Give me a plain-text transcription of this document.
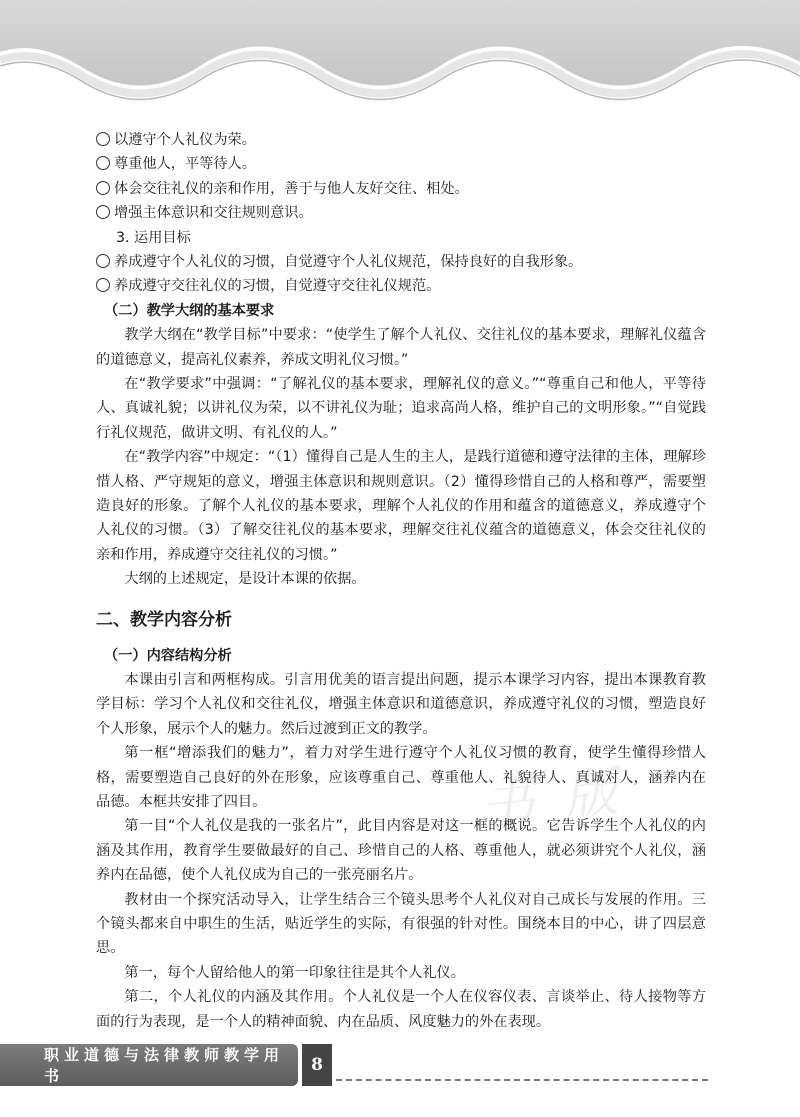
书 版
以遵守个人礼仪为荣。
尊重他人，平等待人。
体会交往礼仪的亲和作用，善于与他人友好交往、相处。
增强主体意识和交往规则意识。
3. 运用目标
养成遵守个人礼仪的习惯，自觉遵守个人礼仪规范，保持良好的自我形象。
养成遵守交往礼仪的习惯，自觉遵守交往礼仪规范。
（二）教学大纲的基本要求

教学大纲在“教学目标”中要求：“使学生了解个人礼仪、交往礼仪的基本要求，理解礼仪蕴含的道德意义，提高礼仪素养，养成文明礼仪习惯。”

在“教学要求”中强调：“了解礼仪的基本要求，理解礼仪的意义。”“尊重自己和他人，平等待人、真诚礼貌；以讲礼仪为荣，以不讲礼仪为耻；追求高尚人格，维护自己的文明形象。”“自觉践行礼仪规范，做讲文明、有礼仪的人。”

在“教学内容”中规定：“（1）懂得自己是人生的主人，是践行道德和遵守法律的主体，理解珍惜人格、严守规矩的意义，增强主体意识和规则意识。（2）懂得珍惜自己的人格和尊严，需要塑造良好的形象。了解个人礼仪的基本要求，理解个人礼仪的作用和蕴含的道德意义，养成遵守个人礼仪的习惯。（3）了解交往礼仪的基本要求，理解交往礼仪蕴含的道德意义，体会交往礼仪的亲和作用，养成遵守交往礼仪的习惯。”

大纲的上述规定，是设计本课的依据。

二、教学内容分析
（一）内容结构分析

本课由引言和两框构成。引言用优美的语言提出问题，提示本课学习内容，提出本课教育教学目标：学习个人礼仪和交往礼仪，增强主体意识和道德意识，养成遵守礼仪的习惯，塑造良好个人形象，展示个人的魅力。然后过渡到正文的教学。

第一框“增添我们的魅力”，着力对学生进行遵守个人礼仪习惯的教育，使学生懂得珍惜人格，需要塑造自己良好的外在形象，应该尊重自己、尊重他人、礼貌待人、真诚对人，涵养内在品德。本框共安排了四目。

第一目“个人礼仪是我的一张名片”，此目内容是对这一框的概说。它告诉学生个人礼仪的内涵及其作用，教育学生要做最好的自己、珍惜自己的人格、尊重他人，就必须讲究个人礼仪，涵养内在品德，使个人礼仪成为自己的一张亮丽名片。

教材由一个探究活动导入，让学生结合三个镜头思考个人礼仪对自己成长与发展的作用。三个镜头都来自中职生的生活，贴近学生的实际，有很强的针对性。围绕本目的中心，讲了四层意思。

第一，每个人留给他人的第一印象往往是其个人礼仪。

第二，个人礼仪的内涵及其作用。个人礼仪是一个人在仪容仪表、言谈举止、待人接物等方面的行为表现，是一个人的精神面貌、内在品质、风度魅力的外在表现。

职业道德与法律教师教学用书
8
